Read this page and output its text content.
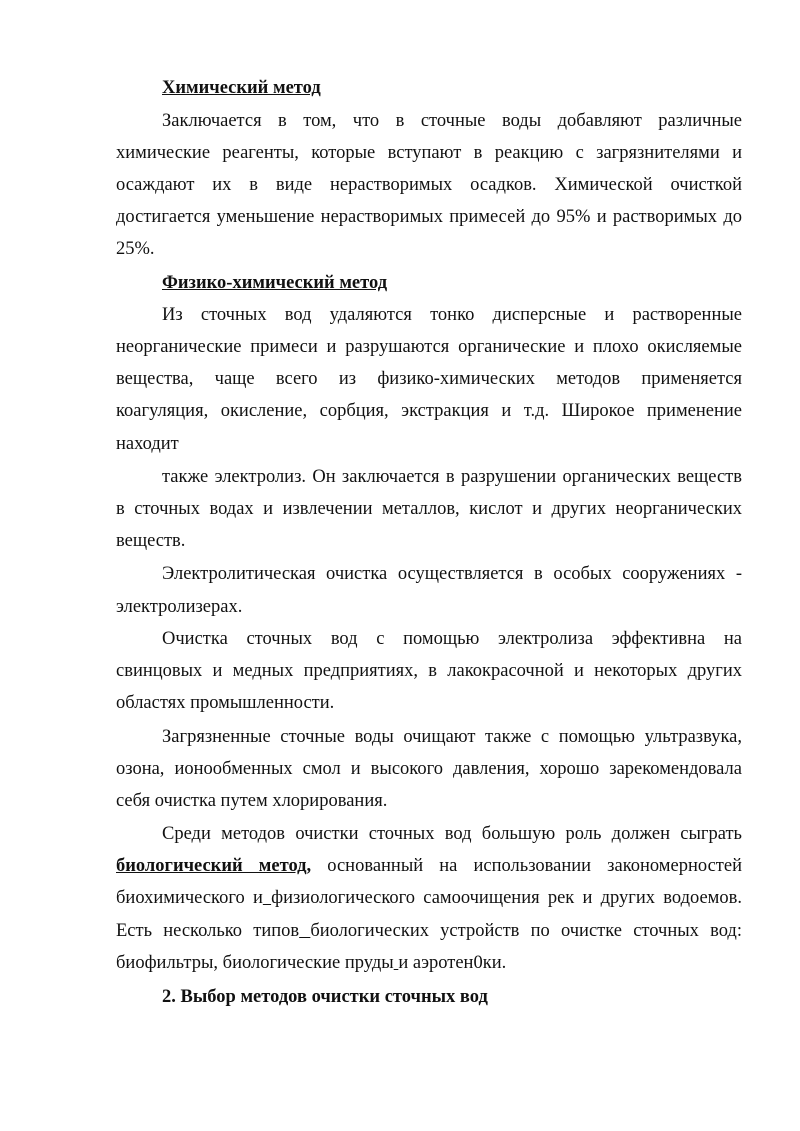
Химический метод
Заключается в том, что в сточные воды добавляют различные
химические реагенты, которые вступают в реакцию с загрязнителями и
осаждают их в виде нерастворимых осадков. Химической очисткой
достигается уменьшение нерастворимых примесей до 95% и растворимых до
25%.
Физико-химический метод
Из сточных вод удаляются тонко дисперсные и растворенные
неорганические примеси и разрушаются органические и плохо окисляемые
вещества, чаще всего из физико-химических методов применяется
коагуляция, окисление, сорбция, экстракция и т.д. Широкое применение
находит
также электролиз. Он заключается в разрушении органических веществ
в сточных водах и извлечении металлов, кислот и других неорганических
веществ.
Электролитическая очистка осуществляется в особых сооружениях -
электролизерах.
Очистка сточных вод с помощью электролиза эффективна на
свинцовых и медных предприятиях, в лакокрасочной и некоторых других
областях промышленности.
Загрязненные сточные воды очищают также с помощью ультразвука,
озона, ионообменных смол и высокого давления, хорошо зарекомендовала
себя очистка путем хлорирования.
Среди методов очистки сточных вод большую роль должен сыграть
биологический метод, основанный на использовании закономерностей
биохимического и физиологического самоочищения рек и других водоемов.
Есть несколько типов биологических устройств по очистке сточных вод:
биофильтры, биологические пруды и аэротен0ки.
2. Выбор методов очистки сточных вод
